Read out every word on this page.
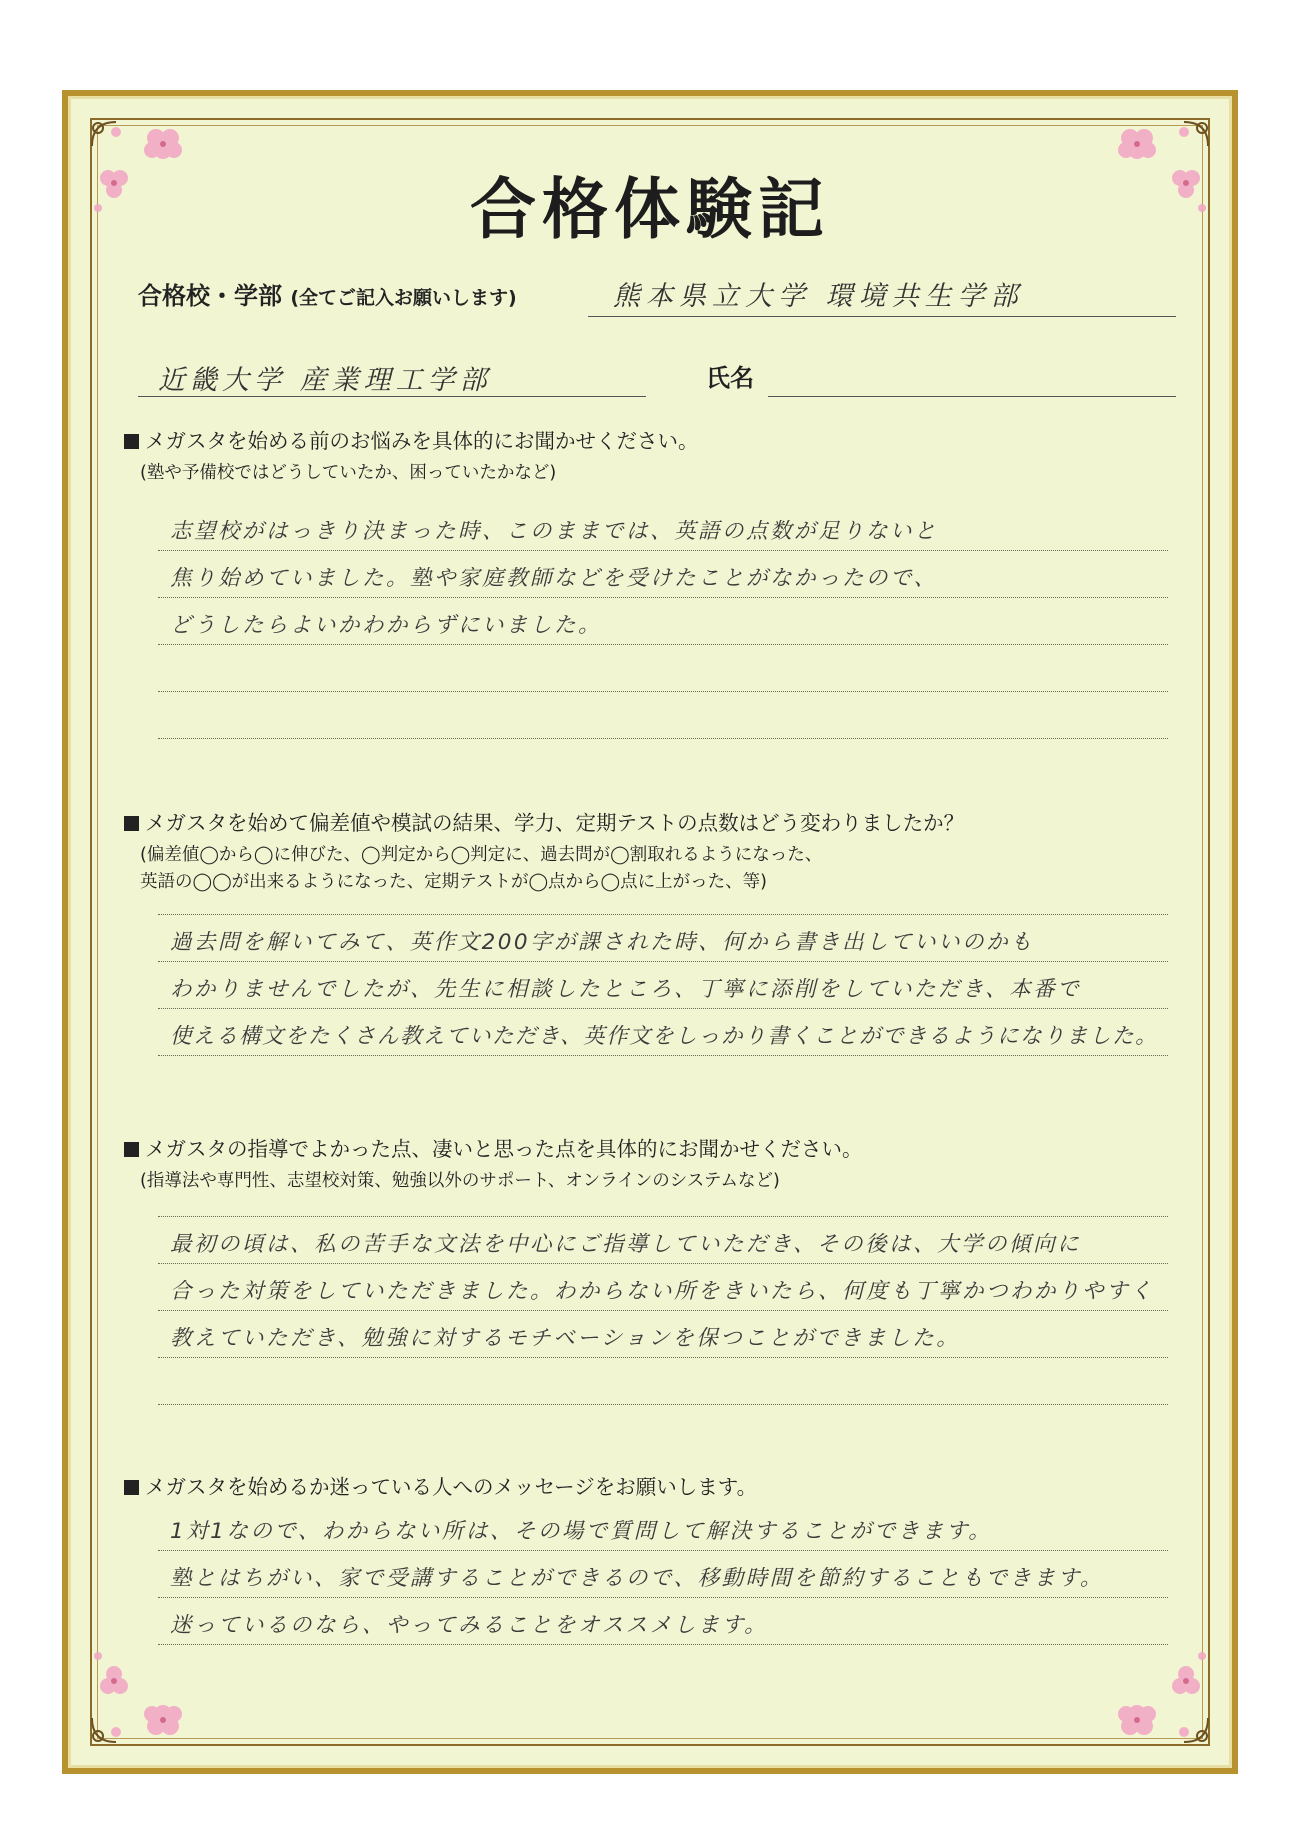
合格体験記
合格校・学部 (全てご記入お願いします)	熊本県立大学 環境共生学部
近畿大学 産業理工学部	氏名
メガスタを始める前のお悩みを具体的にお聞かせください。
(塾や予備校ではどうしていたか、困っていたかなど)
志望校がはっきり決まった時、このままでは、英語の点数が足りないと
焦り始めていました。塾や家庭教師などを受けたことがなかったので、
どうしたらよいかわからずにいました。
メガスタを始めて偏差値や模試の結果、学力、定期テストの点数はどう変わりましたか？
(偏差値◯から◯に伸びた、◯判定から◯判定に、過去問が◯割取れるようになった、
英語の◯◯が出来るようになった、定期テストが◯点から◯点に上がった、等)
過去問を解いてみて、英作文200字が課された時、何から書き出していいのかも
わかりませんでしたが、先生に相談したところ、丁寧に添削をしていただき、本番で
使える構文をたくさん教えていただき、英作文をしっかり書くことができるようになりました。
メガスタの指導でよかった点、凄いと思った点を具体的にお聞かせください。
(指導法や専門性、志望校対策、勉強以外のサポート、オンラインのシステムなど)
最初の頃は、私の苦手な文法を中心にご指導していただき、その後は、大学の傾向に
合った対策をしていただきました。わからない所をきいたら、何度も丁寧かつわかりやすく
教えていただき、勉強に対するモチベーションを保つことができました。
メガスタを始めるか迷っている人へのメッセージをお願いします。
1対1なので、わからない所は、その場で質問して解決することができます。
塾とはちがい、家で受講することができるので、移動時間を節約することもできます。
迷っているのなら、やってみることをオススメします。
